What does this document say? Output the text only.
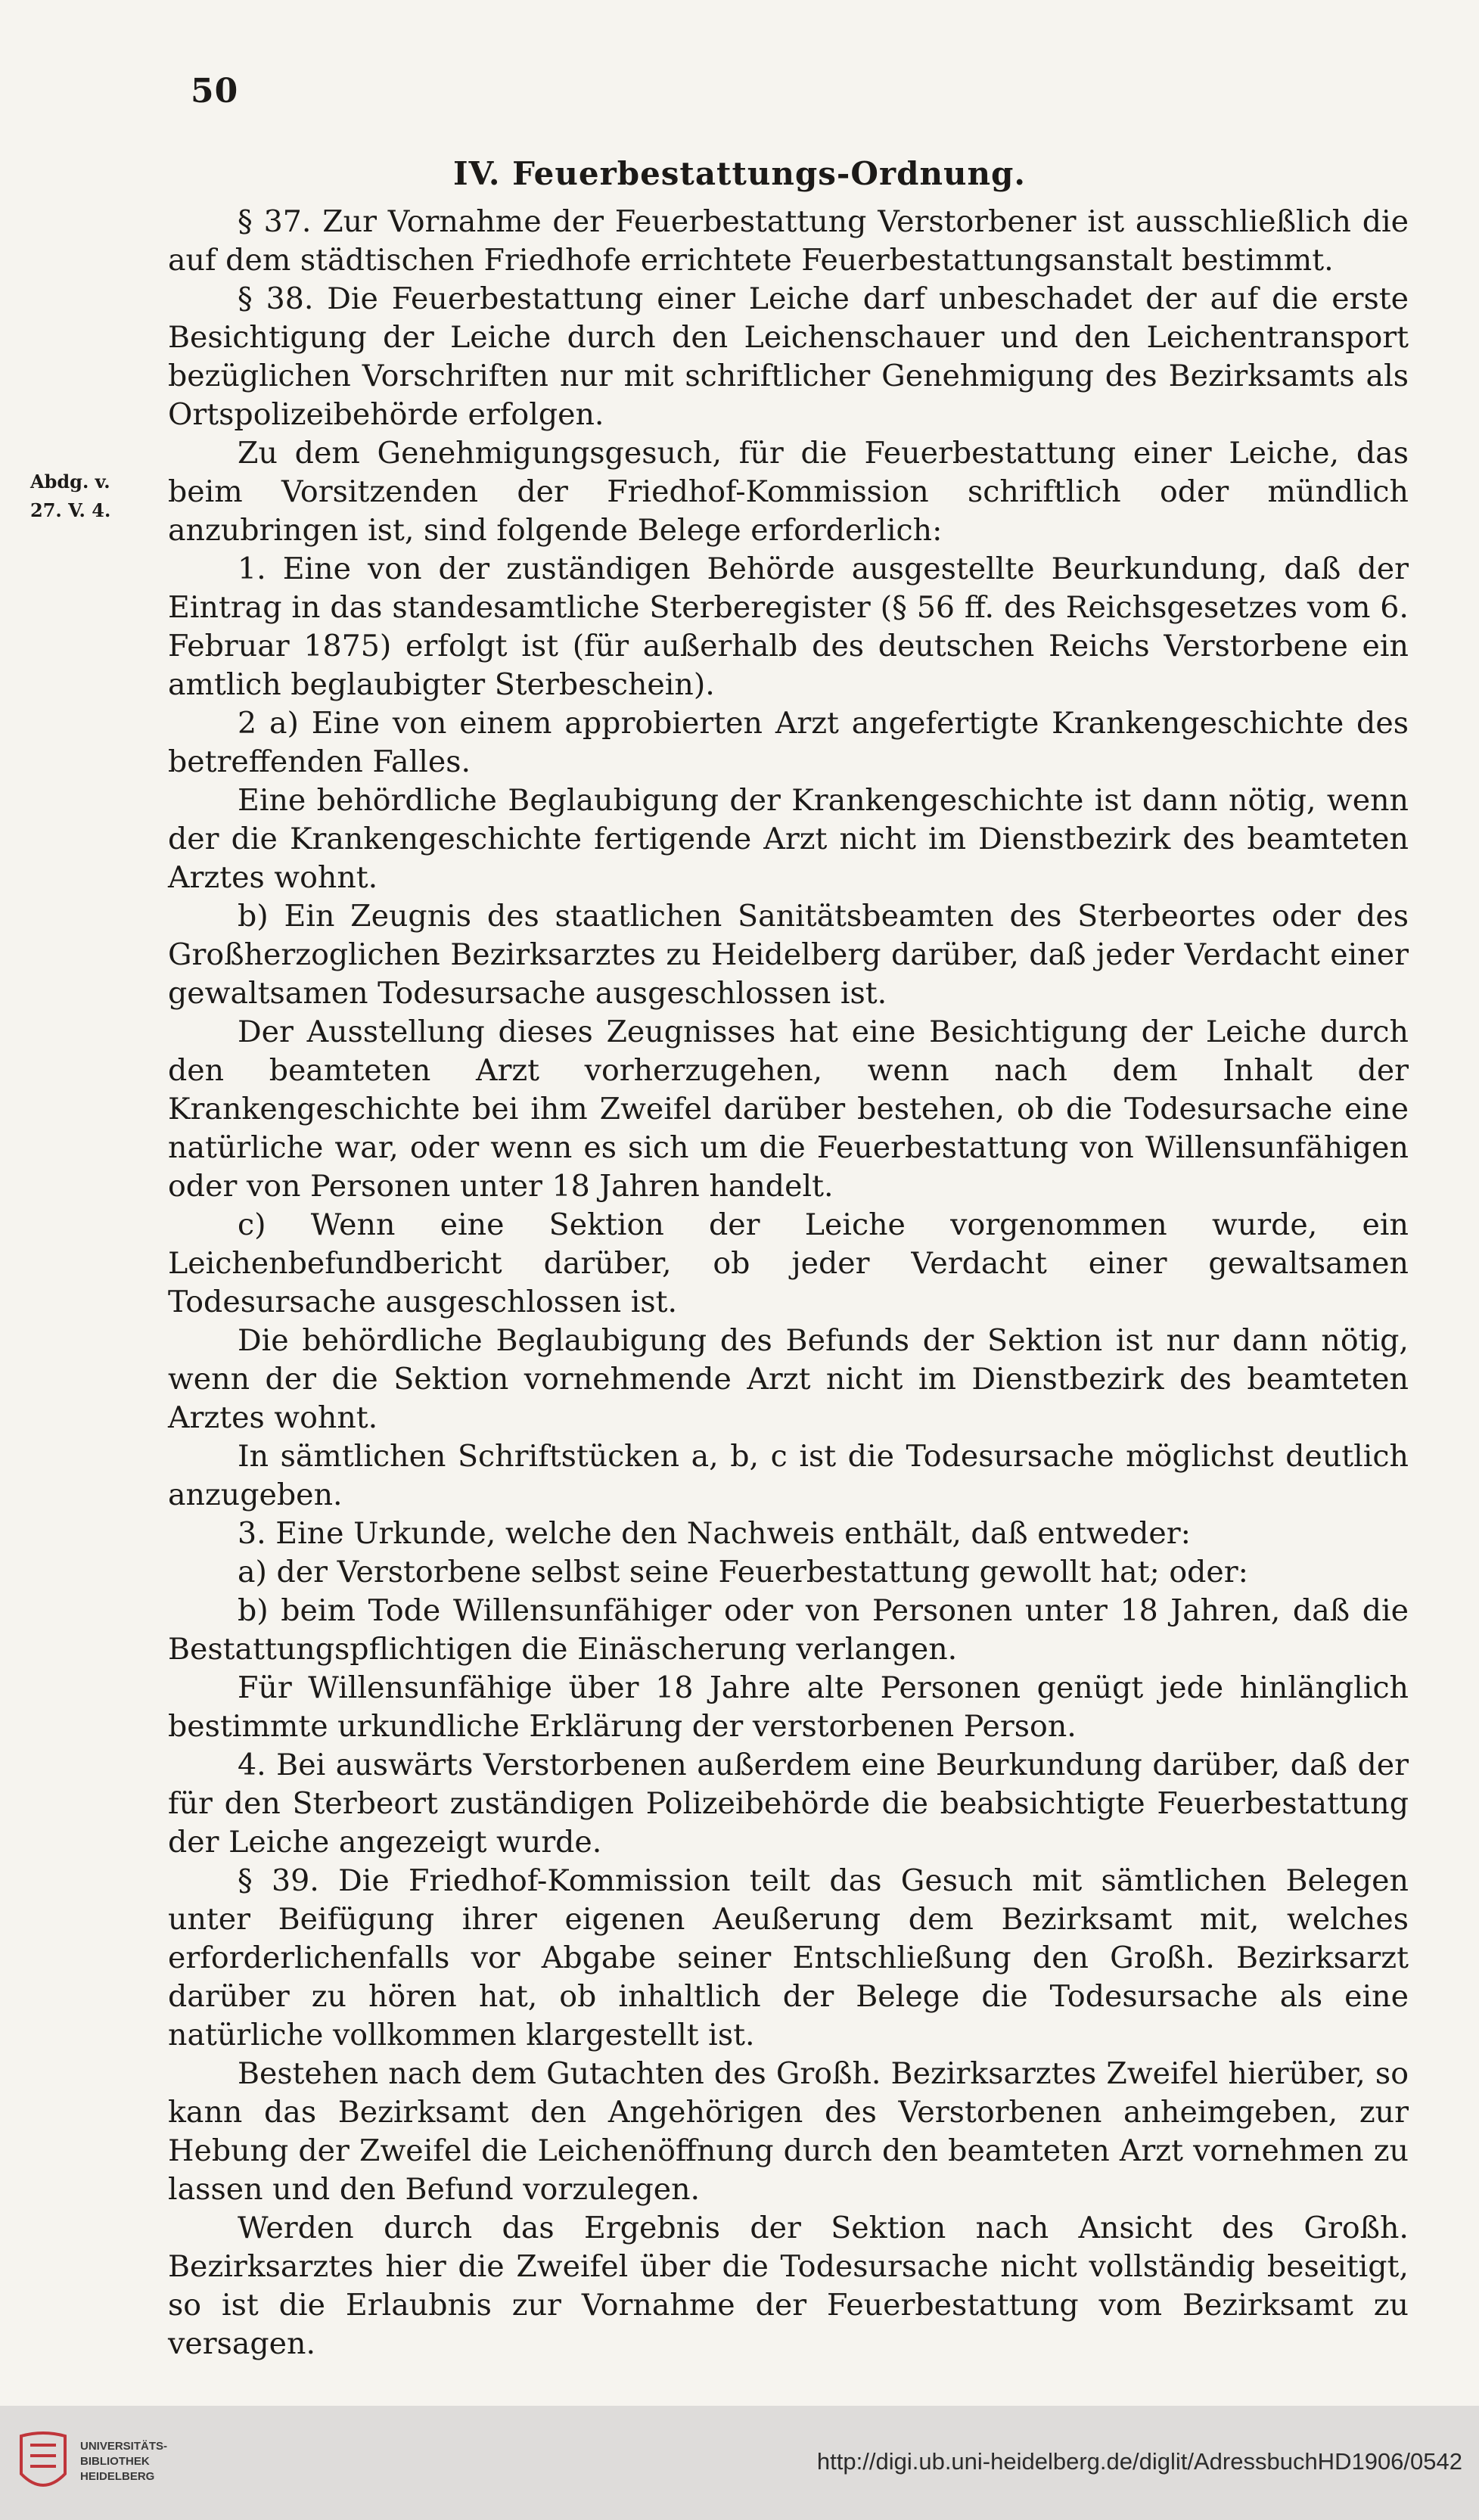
50
IV. Feuerbestattungs-Ordnung.
Abdg. v.
27. V. 4.

§ 37. Zur Vornahme der Feuerbestattung Verstorbener ist ausschließlich die auf dem städtischen Friedhofe errichtete Feuerbestattungsanstalt bestimmt.

§ 38. Die Feuerbestattung einer Leiche darf unbeschadet der auf die erste Besichtigung der Leiche durch den Leichenschauer und den Leichentransport bezüglichen Vorschriften nur mit schriftlicher Genehmigung des Bezirksamts als Ortspolizeibehörde erfolgen.

Zu dem Genehmigungsgesuch, für die Feuerbestattung einer Leiche, das beim Vorsitzenden der Friedhof-Kommission schriftlich oder mündlich anzubringen ist, sind folgende Belege erforderlich:

1. Eine von der zuständigen Behörde ausgestellte Beurkundung, daß der Eintrag in das standesamtliche Sterberegister (§ 56 ff. des Reichsgesetzes vom 6. Februar 1875) erfolgt ist (für außerhalb des deutschen Reichs Verstorbene ein amtlich beglaubigter Sterbeschein).

2 a) Eine von einem approbierten Arzt angefertigte Krankengeschichte des betreffenden Falles.

Eine behördliche Beglaubigung der Krankengeschichte ist dann nötig, wenn der die Krankengeschichte fertigende Arzt nicht im Dienstbezirk des beamteten Arztes wohnt.

b) Ein Zeugnis des staatlichen Sanitätsbeamten des Sterbeortes oder des Großherzoglichen Bezirksarztes zu Heidelberg darüber, daß jeder Verdacht einer gewaltsamen Todesursache ausgeschlossen ist.

Der Ausstellung dieses Zeugnisses hat eine Besichtigung der Leiche durch den beamteten Arzt vorherzugehen, wenn nach dem Inhalt der Krankengeschichte bei ihm Zweifel darüber bestehen, ob die Todesursache eine natürliche war, oder wenn es sich um die Feuerbestattung von Willensunfähigen oder von Personen unter 18 Jahren handelt.

c) Wenn eine Sektion der Leiche vorgenommen wurde, ein Leichenbefundbericht darüber, ob jeder Verdacht einer gewaltsamen Todesursache ausgeschlossen ist.

Die behördliche Beglaubigung des Befunds der Sektion ist nur dann nötig, wenn der die Sektion vornehmende Arzt nicht im Dienstbezirk des beamteten Arztes wohnt.

In sämtlichen Schriftstücken a, b, c ist die Todesursache möglichst deutlich anzugeben.

3. Eine Urkunde, welche den Nachweis enthält, daß entweder:

a) der Verstorbene selbst seine Feuerbestattung gewollt hat; oder:

b) beim Tode Willensunfähiger oder von Personen unter 18 Jahren, daß die Bestattungspflichtigen die Einäscherung verlangen.

Für Willensunfähige über 18 Jahre alte Personen genügt jede hinlänglich bestimmte urkundliche Erklärung der verstorbenen Person.

4. Bei auswärts Verstorbenen außerdem eine Beurkundung darüber, daß der für den Sterbeort zuständigen Polizeibehörde die beabsichtigte Feuerbestattung der Leiche angezeigt wurde.

§ 39. Die Friedhof-Kommission teilt das Gesuch mit sämtlichen Belegen unter Beifügung ihrer eigenen Aeußerung dem Bezirksamt mit, welches erforderlichenfalls vor Abgabe seiner Entschließung den Großh. Bezirksarzt darüber zu hören hat, ob inhaltlich der Belege die Todesursache als eine natürliche vollkommen klargestellt ist.

Bestehen nach dem Gutachten des Großh. Bezirksarztes Zweifel hierüber, so kann das Bezirksamt den Angehörigen des Verstorbenen anheimgeben, zur Hebung der Zweifel die Leichenöffnung durch den beamteten Arzt vornehmen zu lassen und den Befund vorzulegen.

Werden durch das Ergebnis der Sektion nach Ansicht des Großh. Bezirksarztes hier die Zweifel über die Todesursache nicht vollständig beseitigt, so ist die Erlaubnis zur Vornahme der Feuerbestattung vom Bezirksamt zu versagen.

UNIVERSITÄTS-
BIBLIOTHEK
HEIDELBERG
http://digi.ub.uni-heidelberg.de/diglit/AdressbuchHD1906/0542
